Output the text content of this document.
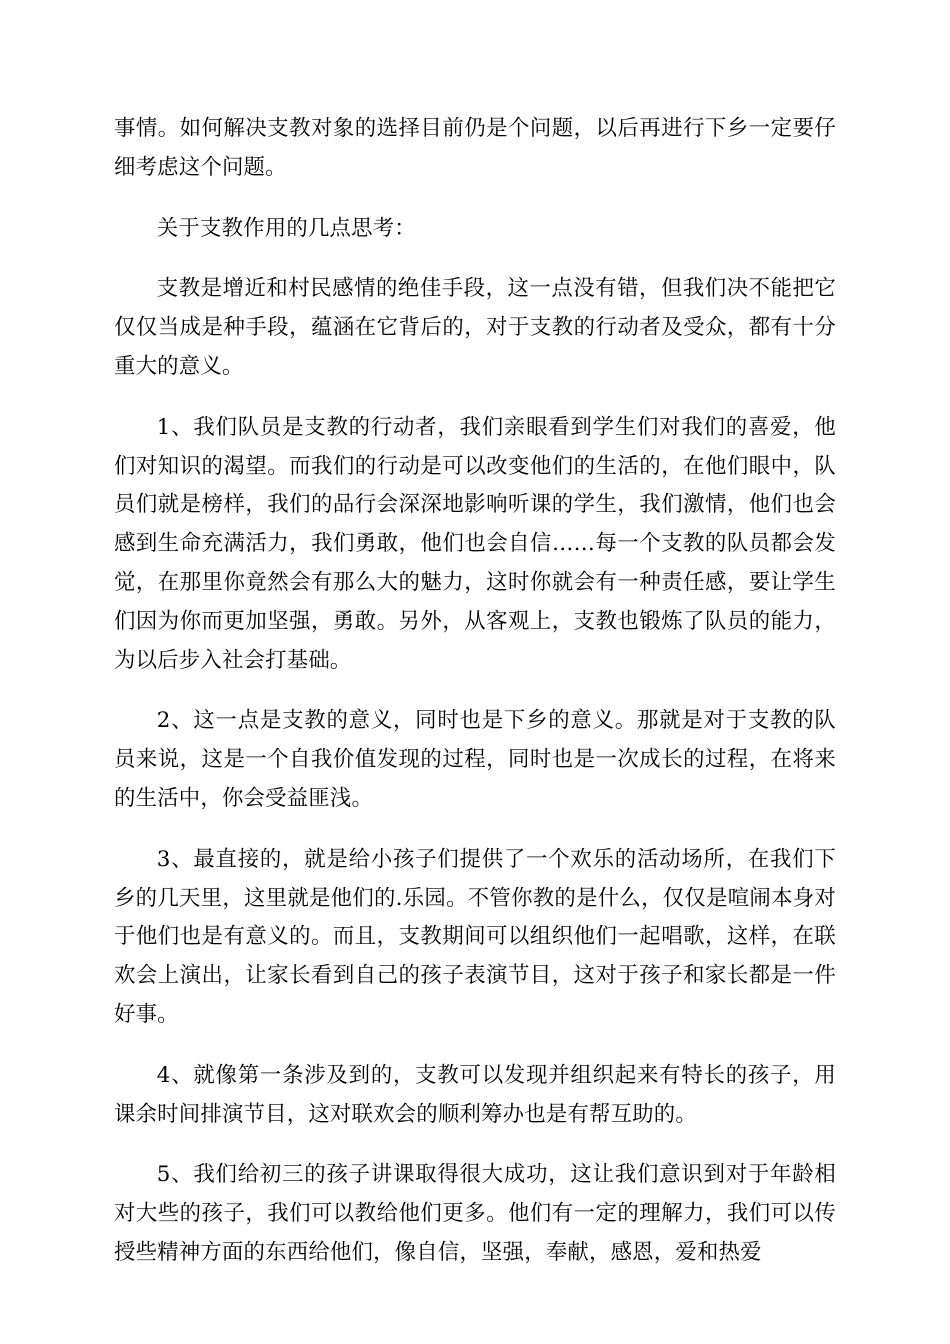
事情。如何解决支教对象的选择目前仍是个问题，以后再进行下乡一定要仔细考虑这个问题。

关于支教作用的几点思考：

支教是增近和村民感情的绝佳手段，这一点没有错，但我们决不能把它仅仅当成是种手段，蕴涵在它背后的，对于支教的行动者及受众，都有十分重大的意义。

1、我们队员是支教的行动者，我们亲眼看到学生们对我们的喜爱，他们对知识的渴望。而我们的行动是可以改变他们的生活的，在他们眼中，队员们就是榜样，我们的品行会深深地影响听课的学生，我们激情，他们也会感到生命充满活力，我们勇敢，他们也会自信……每一个支教的队员都会发觉，在那里你竟然会有那么大的魅力，这时你就会有一种责任感，要让学生们因为你而更加坚强，勇敢。另外，从客观上，支教也锻炼了队员的能力，为以后步入社会打基础。

2、这一点是支教的意义，同时也是下乡的意义。那就是对于支教的队员来说，这是一个自我价值发现的过程，同时也是一次成长的过程，在将来的生活中，你会受益匪浅。

3、最直接的，就是给小孩子们提供了一个欢乐的活动场所，在我们下乡的几天里，这里就是他们的.乐园。不管你教的是什么，仅仅是喧闹本身对于他们也是有意义的。而且，支教期间可以组织他们一起唱歌，这样，在联欢会上演出，让家长看到自己的孩子表演节目，这对于孩子和家长都是一件好事。

4、就像第一条涉及到的，支教可以发现并组织起来有特长的孩子，用课余时间排演节目，这对联欢会的顺利筹办也是有帮互助的。

5、我们给初三的孩子讲课取得很大成功，这让我们意识到对于年龄相对大些的孩子，我们可以教给他们更多。他们有一定的理解力，我们可以传授些精神方面的东西给他们，像自信，坚强，奉献，感恩，爱和热爱
